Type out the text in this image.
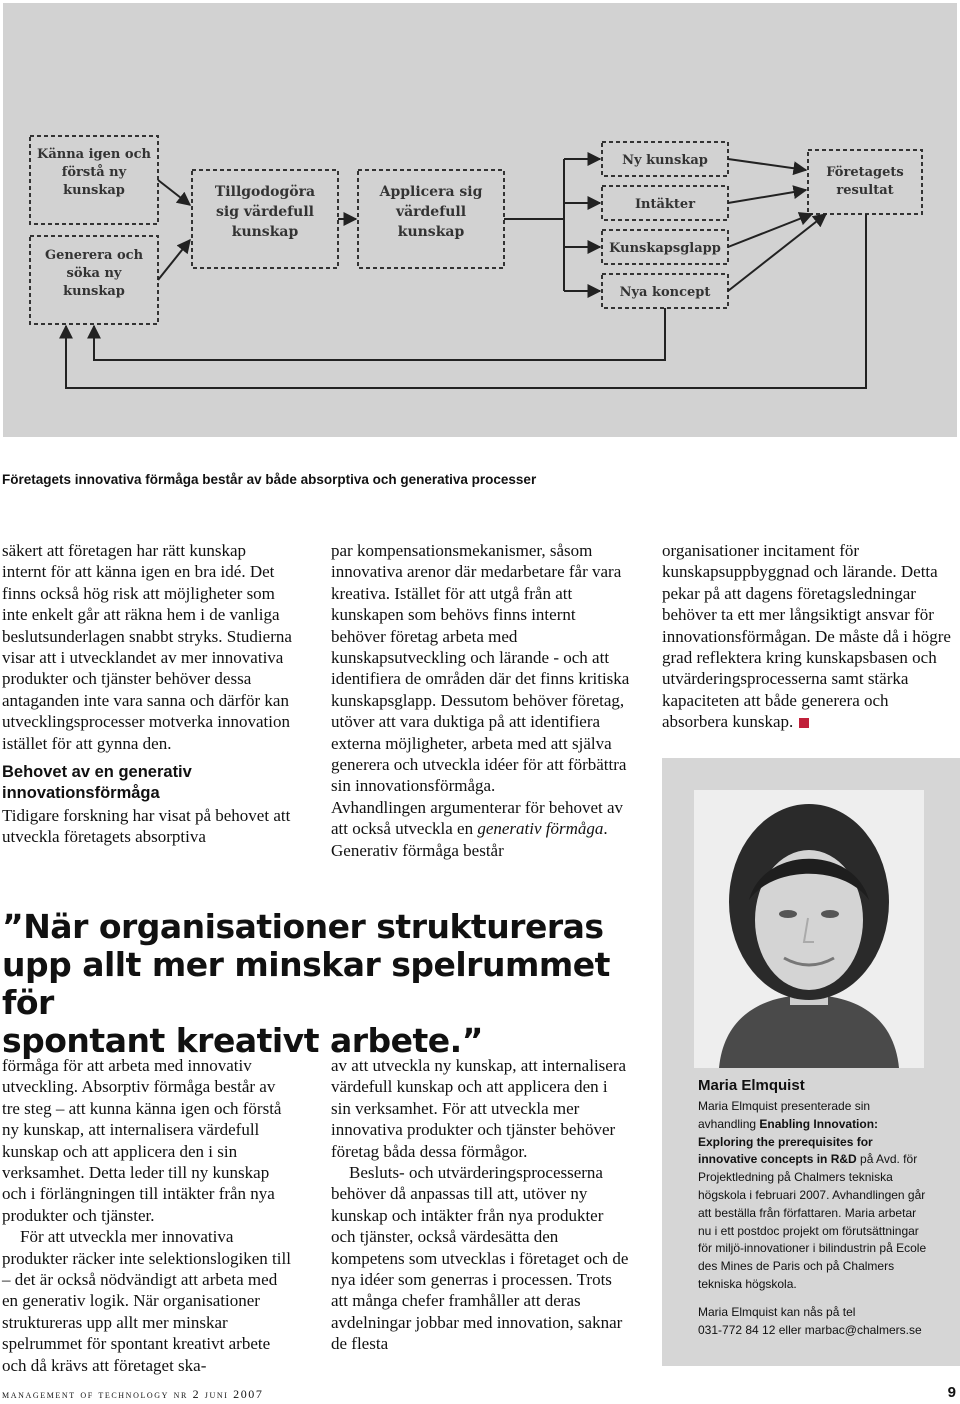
Känna igen och
förstå ny
kunskap
Generera och
söka ny
kunskap
Tillgodogöra
sig värdefull
kunskap
Applicera sig
värdefull
kunskap
Ny kunskap
Intäkter
Kunskapsglapp
Nya koncept
Företagets
resultat
Företagets innovativa förmåga består av både absorptiva och generativa processer

säkert att företagen har rätt kunskap internt för att känna igen en bra idé. Det finns också hög risk att möjligheter som inte enkelt går att räkna hem i de vanliga beslutsunderlagen snabbt stryks. Studierna visar att i utvecklandet av mer innovativa produkter och tjänster behöver dessa antaganden inte vara sanna och därför kan utvecklingsprocesser motverka innovation istället för att gynna den.

Behovet av en generativ innovationsförmåga

Tidigare forskning har visat på behovet att utveckla företagets absorptiva

par kompensationsmekanismer, såsom innovativa arenor där medarbetare får vara kreativa. Istället för att utgå från att kunskapen som behövs finns internt behöver företag arbeta med kunskapsutveckling och lärande - och att identifiera de områden där det finns kritiska kunskapsglapp. Dessutom behöver företag, utöver att vara duktiga på att identifiera externa möjligheter, arbeta med att själva generera och utveckla idéer för att förbättra sin innovationsförmåga.

Avhandlingen argumenterar för behovet av att också utveckla en generativ förmåga. Generativ förmåga består

organisationer incitament för kunskapsuppbyggnad och lärande. Detta pekar på att dagens företagsledningar behöver ta ett mer långsiktigt ansvar för innovationsförmågan. De måste då i högre grad reflektera kring kunskapsbasen och utvärderingsprocesserna samt stärka kapaciteten att både generera och absorbera kunskap.

”När organisationer struktureras

upp allt mer minskar spelrummet för

spontant kreativt arbete.”

förmåga för att arbeta med innovativ utveckling. Absorptiv förmåga består av tre steg – att kunna känna igen och förstå ny kunskap, att internalisera värdefull kunskap och att applicera den i sin verksamhet. Detta leder till ny kunskap och i förlängningen till intäkter från nya produkter och tjänster.

För att utveckla mer innovativa produkter räcker inte selektionslogiken till – det är också nödvändigt att arbeta med en generativ logik. När organisationer struktureras upp allt mer minskar spelrummet för spontant kreativt arbete och då krävs att företaget ska-

av att utveckla ny kunskap, att internalisera värdefull kunskap och att applicera den i sin verksamhet. För att utveckla mer innovativa produkter och tjänster behöver företag båda dessa förmågor.

Besluts- och utvärderingsprocesserna behöver då anpassas till att, utöver ny kunskap och intäkter från nya produkter och tjänster, också värdesätta den kompetens som utvecklas i företaget och de nya idéer som generras i processen. Trots att många chefer framhåller att deras avdelningar jobbar med innovation, saknar de flesta

Maria Elmquist

Maria Elmquist presenterade sin avhandling Enabling Innovation: Exploring the prerequisites for innovative concepts in R&D på Avd. för Projektledning på Chalmers tekniska högskola i februari 2007. Avhandlingen går att beställa från författaren. Maria arbetar nu i ett postdoc projekt om förutsättningar för miljö-innovationer i bilindustrin på Ecole des Mines de Paris och på Chalmers tekniska högskola.

Maria Elmquist kan nås på tel

031-772 84 12 eller marbac@chalmers.se

management of technology nr 2 juni 2007	9
